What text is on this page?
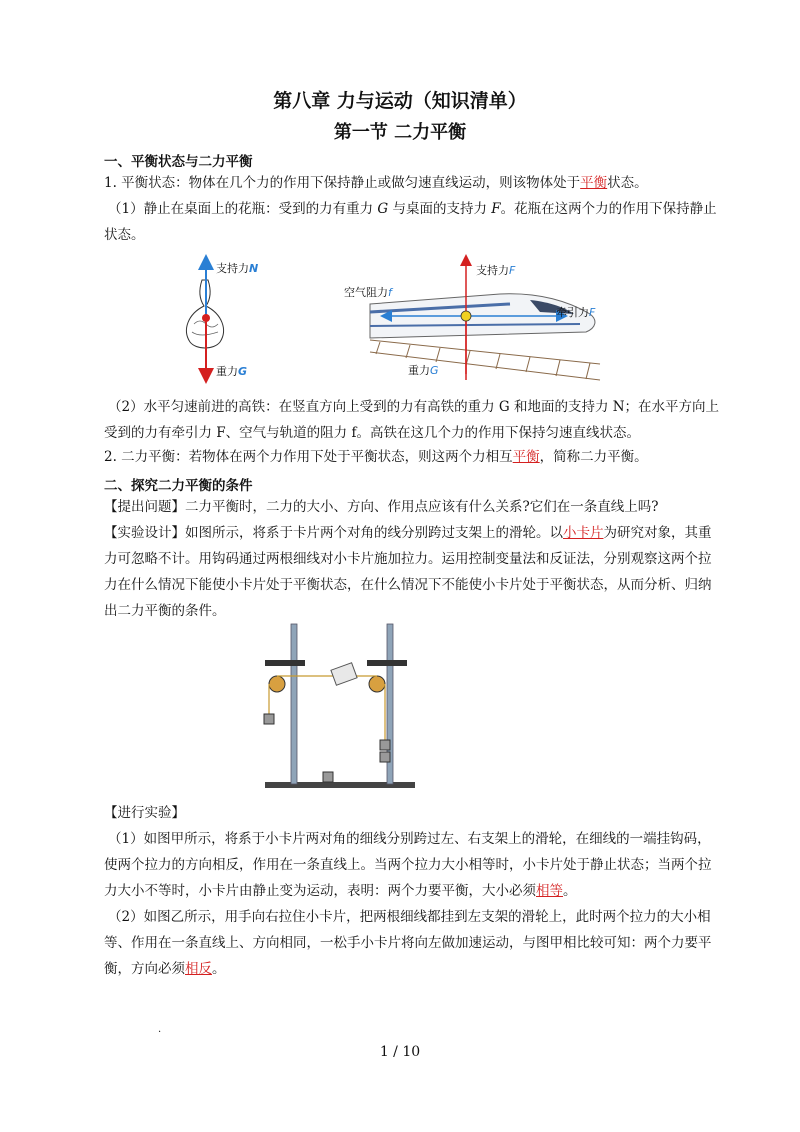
第八章 力与运动（知识清单）
第一节 二力平衡
一、平衡状态与二力平衡
1. 平衡状态：物体在几个力的作用下保持静止或做匀速直线运动，则该物体处于平衡状态。
（1）静止在桌面上的花瓶：受到的力有重力 G 与桌面的支持力 F。花瓶在这两个力的作用下保持静止状态。
支持力N
重力G
支持力F
空气阻力f
牵引力F
重力G
（2）水平匀速前进的高铁：在竖直方向上受到的力有高铁的重力 G 和地面的支持力 N；在水平方向上受到的力有牵引力 F、空气与轨道的阻力 f。高铁在这几个力的作用下保持匀速直线状态。
2. 二力平衡：若物体在两个力作用下处于平衡状态，则这两个力相互平衡，简称二力平衡。
二、探究二力平衡的条件
【提出问题】二力平衡时，二力的大小、方向、作用点应该有什么关系?它们在一条直线上吗?
【实验设计】如图所示，将系于卡片两个对角的线分别跨过支架上的滑轮。以小卡片为研究对象，其重力可忽略不计。用钩码通过两根细线对小卡片施加拉力。运用控制变量法和反证法，分别观察这两个拉力在什么情况下能使小卡片处于平衡状态，在什么情况下不能使小卡片处于平衡状态，从而分析、归纳出二力平衡的条件。
【进行实验】
（1）如图甲所示，将系于小卡片两对角的细线分别跨过左、右支架上的滑轮，在细线的一端挂钩码，使两个拉力的方向相反，作用在一条直线上。当两个拉力大小相等时，小卡片处于静止状态；当两个拉力大小不等时，小卡片由静止变为运动，表明：两个力要平衡，大小必须相等。
（2）如图乙所示，用手向右拉住小卡片，把两根细线都挂到左支架的滑轮上，此时两个拉力的大小相等、作用在一条直线上、方向相同，一松手小卡片将向左做加速运动，与图甲相比较可知：两个力要平衡，方向必须相反。
.
1 / 10
